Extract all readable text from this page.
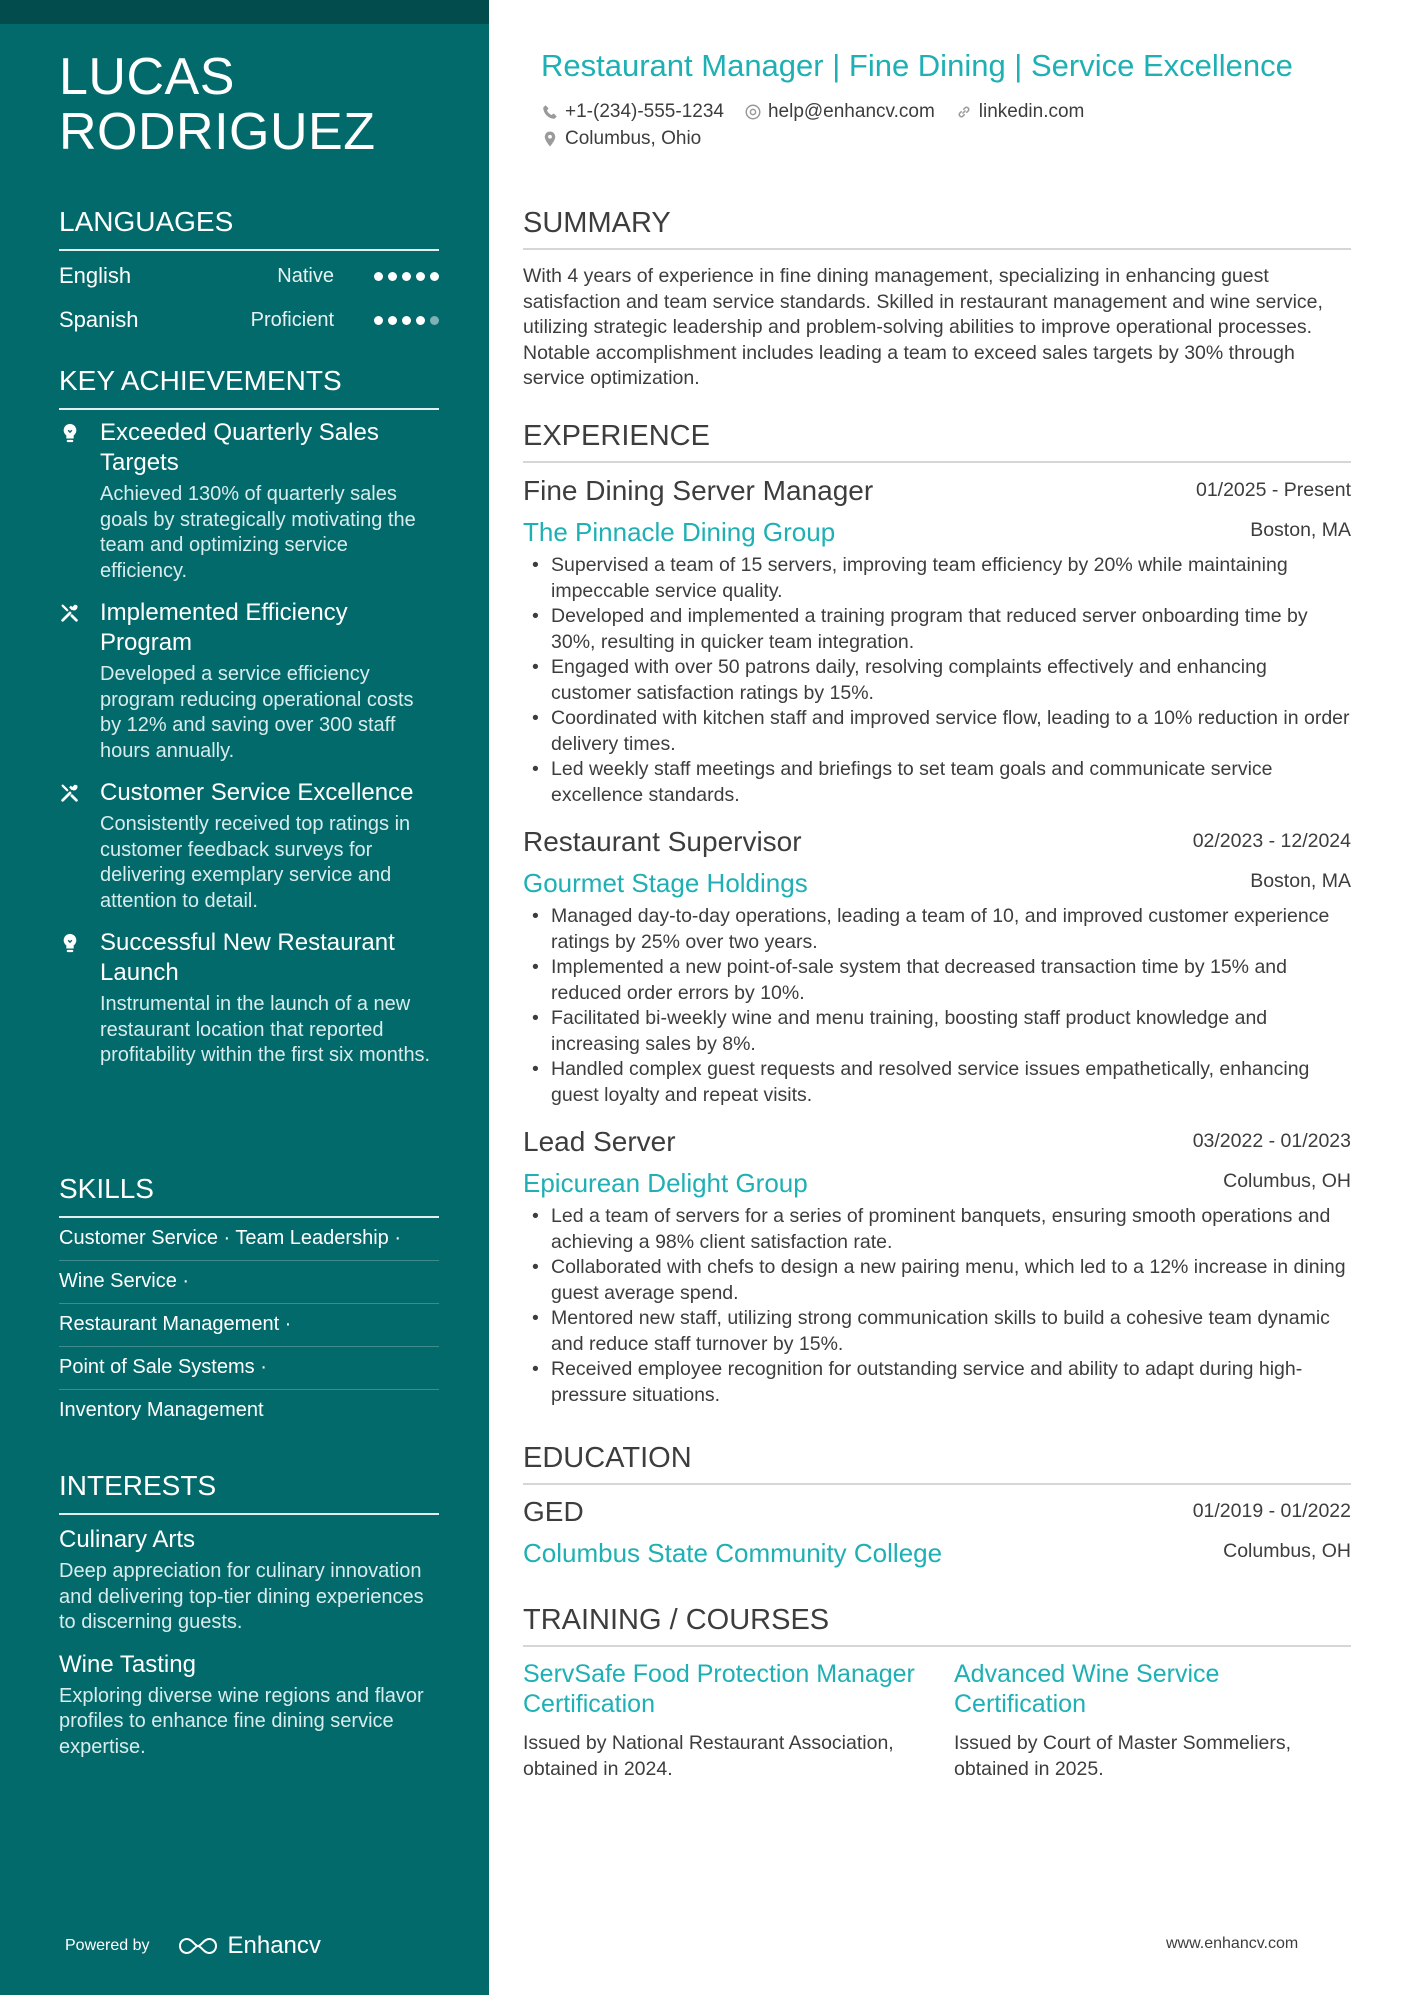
LUCAS
RODRIGUEZ
LANGUAGES
English	Native
Spanish	Proficient
KEY ACHIEVEMENTS
Exceeded Quarterly Sales Targets
Achieved 130% of quarterly sales goals by strategically motivating the team and optimizing service efficiency.
Implemented Efficiency Program
Developed a service efficiency program reducing operational costs by 12% and saving over 300 staff hours annually.
Customer Service Excellence
Consistently received top ratings in customer feedback surveys for delivering exemplary service and attention to detail.
Successful New Restaurant Launch
Instrumental in the launch of a new restaurant location that reported profitability within the first six months.
SKILLS
Customer Service · Team Leadership ·
Wine Service ·
Restaurant Management ·
Point of Sale Systems ·
Inventory Management
INTERESTS
Culinary Arts
Deep appreciation for culinary innovation and delivering top-tier dining experiences to discerning guests.
Wine Tasting
Exploring diverse wine regions and flavor profiles to enhance fine dining service expertise.
Powered by	Enhancv
Restaurant Manager | Fine Dining | Service Excellence
+1-(234)-555-1234 help@enhancv.com linkedin.com
Columbus, Ohio
SUMMARY
With 4 years of experience in fine dining management, specializing in enhancing guest satisfaction and team service standards. Skilled in restaurant management and wine service, utilizing strategic leadership and problem-solving abilities to improve operational processes. Notable accomplishment includes leading a team to exceed sales targets by 30% through service optimization.
EXPERIENCE
Fine Dining Server Manager	01/2025 - Present
The Pinnacle Dining Group	Boston, MA
• Supervised a team of 15 servers, improving team efficiency by 20% while maintaining impeccable service quality.
• Developed and implemented a training program that reduced server onboarding time by 30%, resulting in quicker team integration.
• Engaged with over 50 patrons daily, resolving complaints effectively and enhancing customer satisfaction ratings by 15%.
• Coordinated with kitchen staff and improved service flow, leading to a 10% reduction in order delivery times.
• Led weekly staff meetings and briefings to set team goals and communicate service excellence standards.
Restaurant Supervisor	02/2023 - 12/2024
Gourmet Stage Holdings	Boston, MA
• Managed day-to-day operations, leading a team of 10, and improved customer experience ratings by 25% over two years.
• Implemented a new point-of-sale system that decreased transaction time by 15% and reduced order errors by 10%.
• Facilitated bi-weekly wine and menu training, boosting staff product knowledge and increasing sales by 8%.
• Handled complex guest requests and resolved service issues empathetically, enhancing guest loyalty and repeat visits.
Lead Server	03/2022 - 01/2023
Epicurean Delight Group	Columbus, OH
• Led a team of servers for a series of prominent banquets, ensuring smooth operations and achieving a 98% client satisfaction rate.
• Collaborated with chefs to design a new pairing menu, which led to a 12% increase in dining guest average spend.
• Mentored new staff, utilizing strong communication skills to build a cohesive team dynamic and reduce staff turnover by 15%.
• Received employee recognition for outstanding service and ability to adapt during high-pressure situations.
EDUCATION
GED	01/2019 - 01/2022
Columbus State Community College	Columbus, OH
TRAINING / COURSES
ServSafe Food Protection Manager Certification
Issued by National Restaurant Association, obtained in 2024.
Advanced Wine Service Certification
Issued by Court of Master Sommeliers, obtained in 2025.
www.enhancv.com
